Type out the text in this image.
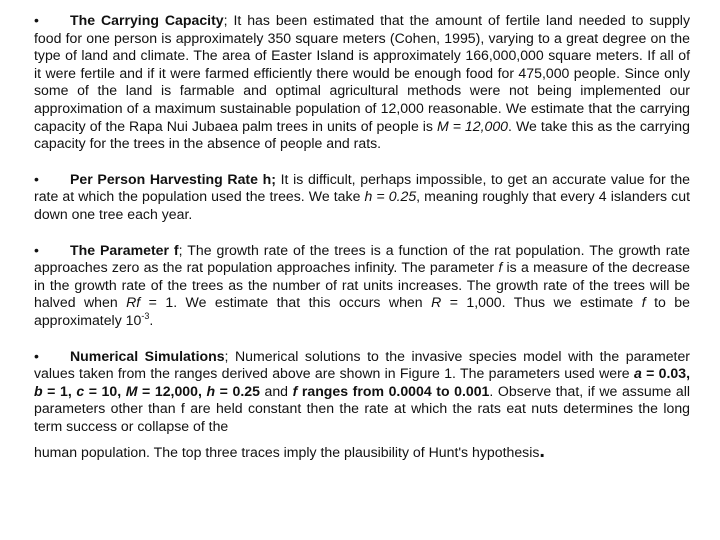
• The Carrying Capacity; It has been estimated that the amount of fertile land needed to supply food for one person is approximately 350 square meters (Cohen, 1995), varying to a great degree on the type of land and climate. The area of Easter Island is approximately 166,000,000 square meters. If all of it were fertile and if it were farmed efficiently there would be enough food for 475,000 people. Since only some of the land is farmable and optimal agricultural methods were not being implemented our approximation of a maximum sustainable population of 12,000 reasonable. We estimate that the carrying capacity of the Rapa Nui Jubaea palm trees in units of people is M = 12,000. We take this as the carrying capacity for the trees in the absence of people and rats.

• Per Person Harvesting Rate h; It is difficult, perhaps impossible, to get an accurate value for the rate at which the population used the trees. We take h = 0.25, meaning roughly that every 4 islanders cut down one tree each year.

• The Parameter f; The growth rate of the trees is a function of the rat population. The growth rate approaches zero as the rat population approaches infinity. The parameter f is a measure of the decrease in the growth rate of the trees as the number of rat units increases. The growth rate of the trees will be halved when Rf = 1. We estimate that this occurs when R = 1,000. Thus we estimate f to be approximately $10^{-3}$.

• Numerical Simulations; Numerical solutions to the invasive species model with the parameter values taken from the ranges derived above are shown in Figure 1. The parameters used were a = 0.03, b = 1, c = 10, M = 12,000, h = 0.25 and f ranges from 0.0004 to 0.001. Observe that, if we assume all parameters other than f are held constant then the rate at which the rats eat nuts determines the long term success or collapse of the
human population. The top three traces imply the plausibility of Hunt's hypothesis.
